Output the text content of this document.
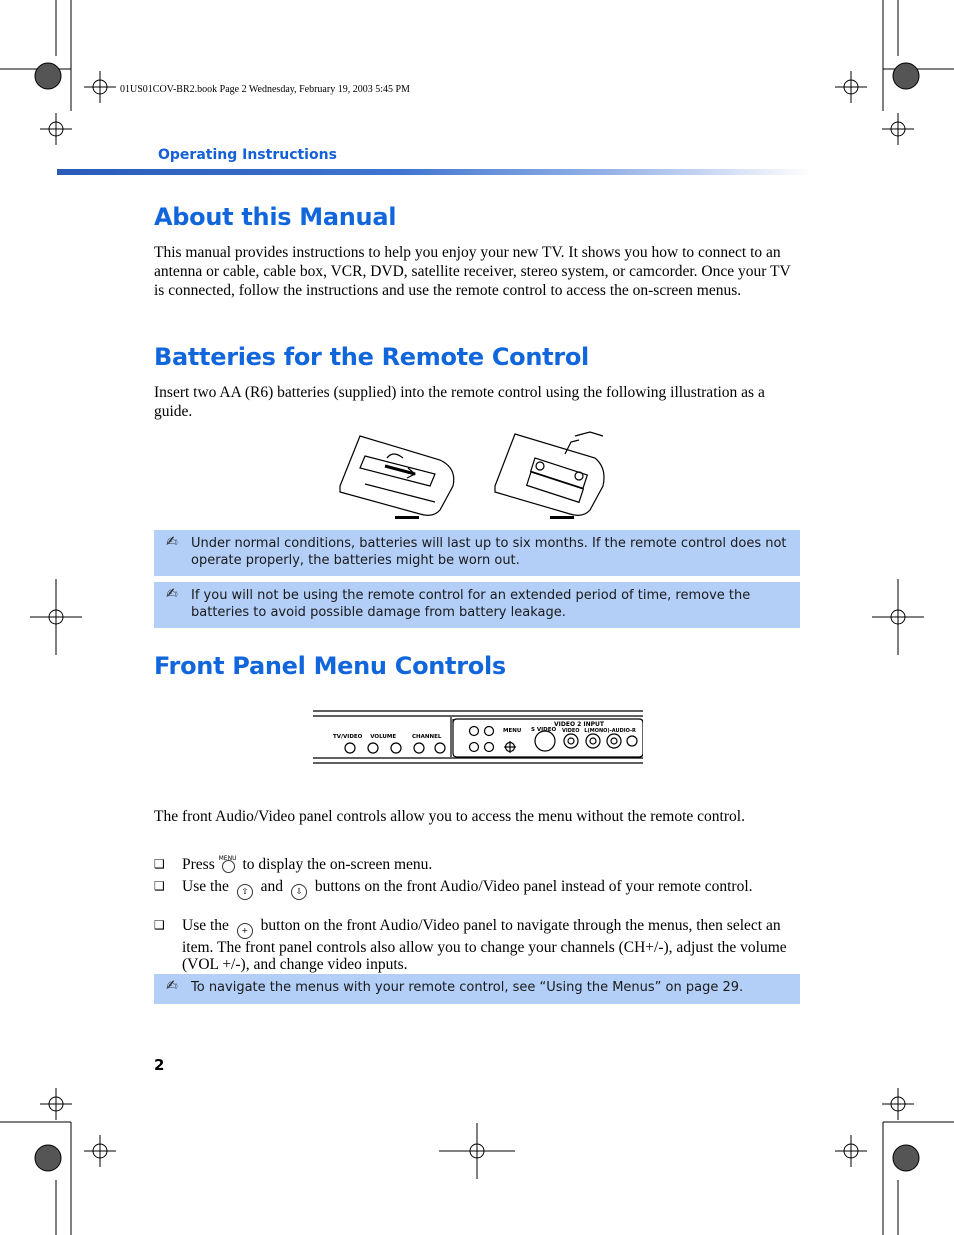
01US01COV-BR2.book Page 2 Wednesday, February 19, 2003 5:45 PM
Operating Instructions
About this Manual
This manual provides instructions to help you enjoy your new TV. It shows you how to connect to an antenna or cable, cable box, VCR, DVD, satellite receiver, stereo system, or camcorder. Once your TV is connected, follow the instructions and use the remote control to access the on-screen menus.
Batteries for the Remote Control
Insert two AA (R6) batteries (supplied) into the remote control using the following illustration as a guide.
✍ Under normal conditions, batteries will last up to six months. If the remote control does not operate properly, the batteries might be worn out.
✍ If you will not be using the remote control for an extended period of time, remove the batteries to avoid possible damage from battery leakage.
Front Panel Menu Controls
TV/VIDEO VOLUME	CHANNEL
MENU S VIDEO
VIDEO 2 INPUT
VIDEO L(MONO)-AUDIO-R
The front Audio/Video panel controls allow you to access the menu without the remote control.
❑ Press MENU to display the on-screen menu.
❑ Use the ⇧ and ⇩ buttons on the front Audio/Video panel instead of your remote control.
❑ Use the + button on the front Audio/Video panel to navigate through the menus, then select an item. The front panel controls also allow you to change your channels (CH+/-), adjust the volume (VOL +/-), and change video inputs.
✍ To navigate the menus with your remote control, see “Using the Menus” on page 29.
2
